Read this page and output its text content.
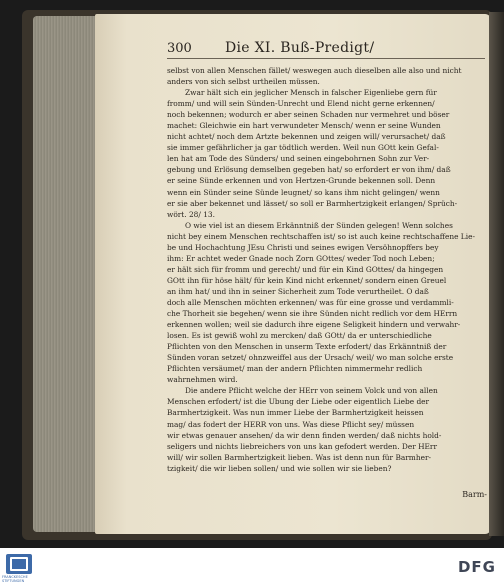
300	Die XI. Buß-Predigt/
selbst von allen Menschen fället/ weswegen auch dieselben alle also und nicht
anders von sich selbst urtheilen müssen.
Zwar hält sich ein jeglicher Mensch in falscher Eigenliebe gern für
fromm/ und will sein Sünden-Unrecht und Elend nicht gerne erkennen/
noch bekennen; wodurch er aber seinen Schaden nur vermehret und böser
machet: Gleichwie ein hart verwundeter Mensch/ wenn er seine Wunden
nicht achtet/ noch dem Artzte bekennen und zeigen will/ verursachet/ daß
sie immer gefährlicher ja gar tödtlich werden. Weil nun GOtt kein Gefal-
len hat am Tode des Sünders/ und seinen eingebohrnen Sohn zur Ver-
gebung und Erlösung demselben gegeben hat/ so erfordert er von ihm/ daß
er seine Sünde erkennen und von Hertzen-Grunde bekennen soll. Denn
wenn ein Sünder seine Sünde leugnet/ so kans ihm nicht gelingen/ wenn
er sie aber bekennet und lässet/ so soll er Barmhertzigkeit erlangen/ Sprüch-
wört. 28/ 13.
O wie viel ist an diesem Erkänntniß der Sünden gelegen! Wenn solches
nicht bey einem Menschen rechtschaffen ist/ so ist auch keine rechtschaffene Lie-
be und Hochachtung JEsu Christi und seines ewigen Versöhnopffers bey
ihm: Er achtet weder Gnade noch Zorn GOttes/ weder Tod noch Leben;
er hält sich für fromm und gerecht/ und für ein Kind GOttes/ da hingegen
GOtt ihn für höse hält/ für kein Kind nicht erkennet/ sondern einen Greuel
an ihm hat/ und ihn in seiner Sicherheit zum Tode verurtheilet. O daß
doch alle Menschen möchten erkennen/ was für eine grosse und verdammli-
che Thorheit sie begehen/ wenn sie ihre Sünden nicht redlich vor dem HErrn
erkennen wollen; weil sie dadurch ihre eigene Seligkeit hindern und verwahr-
losen. Es ist gewiß wohl zu mercken/ daß GOtt/ da er unterschiedliche
Pflichten von den Menschen in unserm Texte erfodert/ das Erkänntniß der
Sünden voran setzet/ ohnzweiffel aus der Ursach/ weil/ wo man solche erste
Pflichten versäumet/ man der andern Pflichten nimmermehr redlich
wahrnehmen wird.
Die andere Pflicht welche der HErr von seinem Volck und von allen
Menschen erfodert/ ist die Ubung der Liebe oder eigentlich Liebe der
Barmhertzigkeit. Was nun immer Liebe der Barmhertzigkeit heissen
mag/ das fodert der HERR von uns. Was diese Pflicht sey/ müssen
wir etwas genauer ansehen/ da wir denn finden werden/ daß nichts hold-
seligers und nichts liebreichers von uns kan gefodert werden. Der HErr
will/ wir sollen Barmhertzigkeit lieben. Was ist denn nun für Barmher-
tzigkeit/ die wir lieben sollen/ und wie sollen wir sie lieben?
Barm-
FRANCKESCHE
STIFTUNGEN
DFG
